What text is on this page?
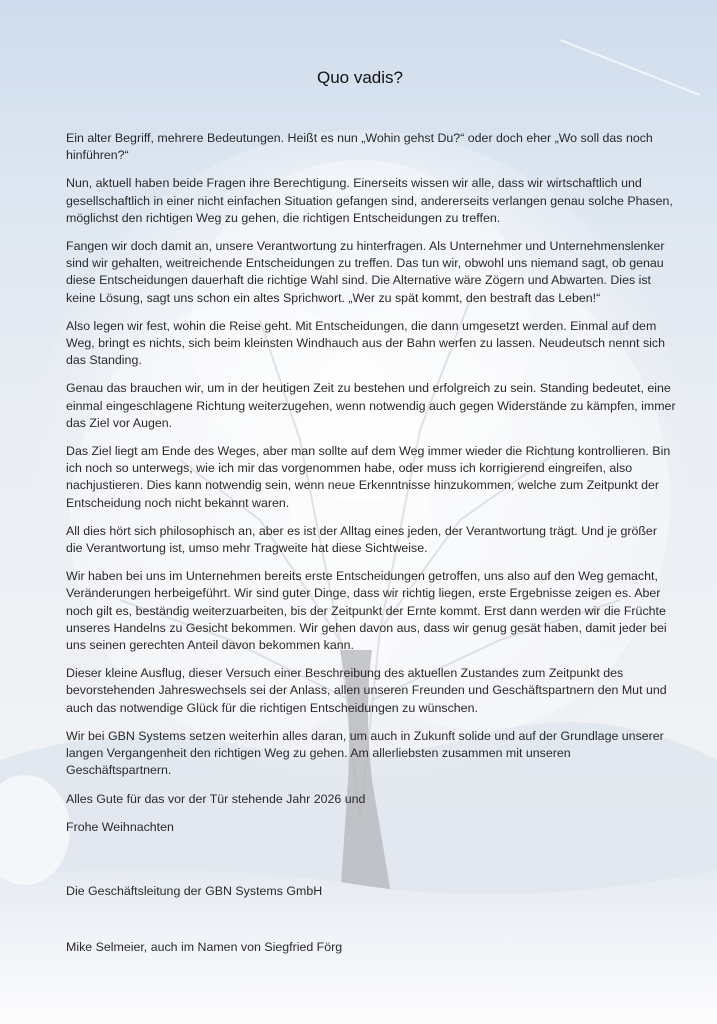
Quo vadis?

Ein alter Begriff, mehrere Bedeutungen. Heißt es nun „Wohin gehst Du?“ oder doch eher „Wo soll das noch hinführen?“

Nun, aktuell haben beide Fragen ihre Berechtigung. Einerseits wissen wir alle, dass wir wirtschaftlich und gesellschaftlich in einer nicht einfachen Situation gefangen sind, andererseits verlangen genau solche Phasen, möglichst den richtigen Weg zu gehen, die richtigen Entscheidungen zu treffen.

Fangen wir doch damit an, unsere Verantwortung zu hinterfragen. Als Unternehmer und Unternehmenslenker sind wir gehalten, weitreichende Entscheidungen zu treffen. Das tun wir, obwohl uns niemand sagt, ob genau diese Entscheidungen dauerhaft die richtige Wahl sind. Die Alternative wäre Zögern und Abwarten. Dies ist keine Lösung, sagt uns schon ein altes Sprichwort. „Wer zu spät kommt, den bestraft das Leben!“

Also legen wir fest, wohin die Reise geht. Mit Entscheidungen, die dann umgesetzt werden. Einmal auf dem Weg, bringt es nichts, sich beim kleinsten Windhauch aus der Bahn werfen zu lassen. Neudeutsch nennt sich das Standing.

Genau das brauchen wir, um in der heutigen Zeit zu bestehen und erfolgreich zu sein. Standing bedeutet, eine einmal eingeschlagene Richtung weiterzugehen, wenn notwendig auch gegen Widerstände zu kämpfen, immer das Ziel vor Augen.

Das Ziel liegt am Ende des Weges, aber man sollte auf dem Weg immer wieder die Richtung kontrollieren. Bin ich noch so unterwegs, wie ich mir das vorgenommen habe, oder muss ich korrigierend eingreifen, also nachjustieren. Dies kann notwendig sein, wenn neue Erkenntnisse hinzukommen, welche zum Zeitpunkt der Entscheidung noch nicht bekannt waren.

All dies hört sich philosophisch an, aber es ist der Alltag eines jeden, der Verantwortung trägt. Und je größer die Verantwortung ist, umso mehr Tragweite hat diese Sichtweise.

Wir haben bei uns im Unternehmen bereits erste Entscheidungen getroffen, uns also auf den Weg gemacht, Veränderungen herbeigeführt. Wir sind guter Dinge, dass wir richtig liegen, erste Ergebnisse zeigen es. Aber noch gilt es, beständig weiterzuarbeiten, bis der Zeitpunkt der Ernte kommt. Erst dann werden wir die Früchte unseres Handelns zu Gesicht bekommen. Wir gehen davon aus, dass wir genug gesät haben, damit jeder bei uns seinen gerechten Anteil davon bekommen kann.

Dieser kleine Ausflug, dieser Versuch einer Beschreibung des aktuellen Zustandes zum Zeitpunkt des bevorstehenden Jahreswechsels sei der Anlass, allen unseren Freunden und Geschäftspartnern den Mut und auch das notwendige Glück für die richtigen Entscheidungen zu wünschen.

Wir bei GBN Systems setzen weiterhin alles daran, um auch in Zukunft solide und auf der Grundlage unserer langen Vergangenheit den richtigen Weg zu gehen. Am allerliebsten zusammen mit unseren Geschäftspartnern.

Alles Gute für das vor der Tür stehende Jahr 2026 und

Frohe Weihnachten

Die Geschäftsleitung der GBN Systems GmbH

Mike Selmeier, auch im Namen von Siegfried Förg
